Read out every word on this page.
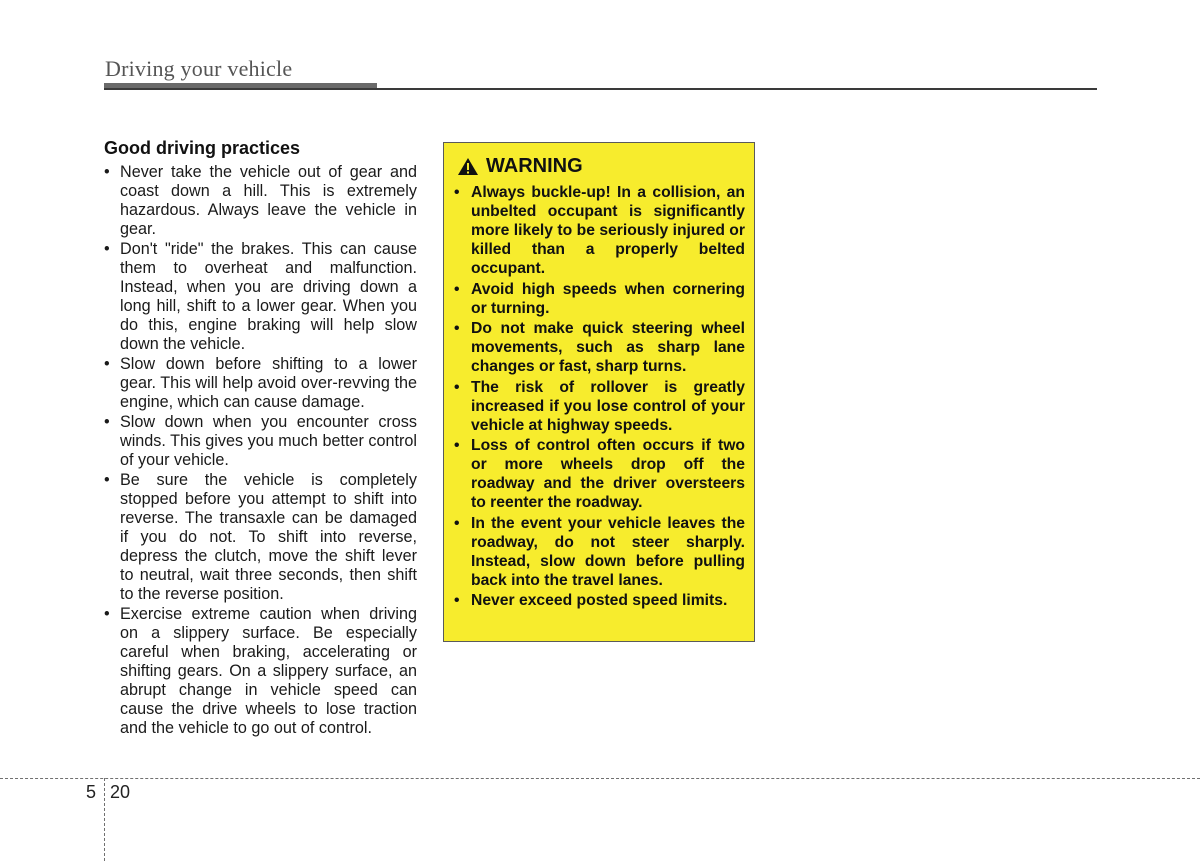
Driving your vehicle
Good driving practices
• Never take the vehicle out of gear and coast down a hill. This is extremely hazardous. Always leave the vehicle in gear.
• Don't "ride" the brakes. This can cause them to overheat and malfunction. Instead, when you are driving down a long hill, shift to a lower gear. When you do this, engine braking will help slow down the vehicle.
• Slow down before shifting to a lower gear. This will help avoid over-revving the engine, which can cause damage.
• Slow down when you encounter cross winds. This gives you much better control of your vehicle.
• Be sure the vehicle is completely stopped before you attempt to shift into reverse. The transaxle can be damaged if you do not. To shift into reverse, depress the clutch, move the shift lever to neutral, wait three seconds, then shift to the reverse position.
• Exercise extreme caution when driving on a slippery surface. Be especially careful when braking, accelerating or shifting gears. On a slippery surface, an abrupt change in vehicle speed can cause the drive wheels to lose traction and the vehicle to go out of control.
WARNING
• Always buckle-up! In a collision, an unbelted occupant is significantly more likely to be seriously injured or killed than a properly belted occupant.
• Avoid high speeds when cornering or turning.
• Do not make quick steering wheel movements, such as sharp lane changes or fast, sharp turns.
• The risk of rollover is greatly increased if you lose control of your vehicle at highway speeds.
• Loss of control often occurs if two or more wheels drop off the roadway and the driver oversteers to reenter the roadway.
• In the event your vehicle leaves the roadway, do not steer sharply. Instead, slow down before pulling back into the travel lanes.
• Never exceed posted speed limits.
5 20
